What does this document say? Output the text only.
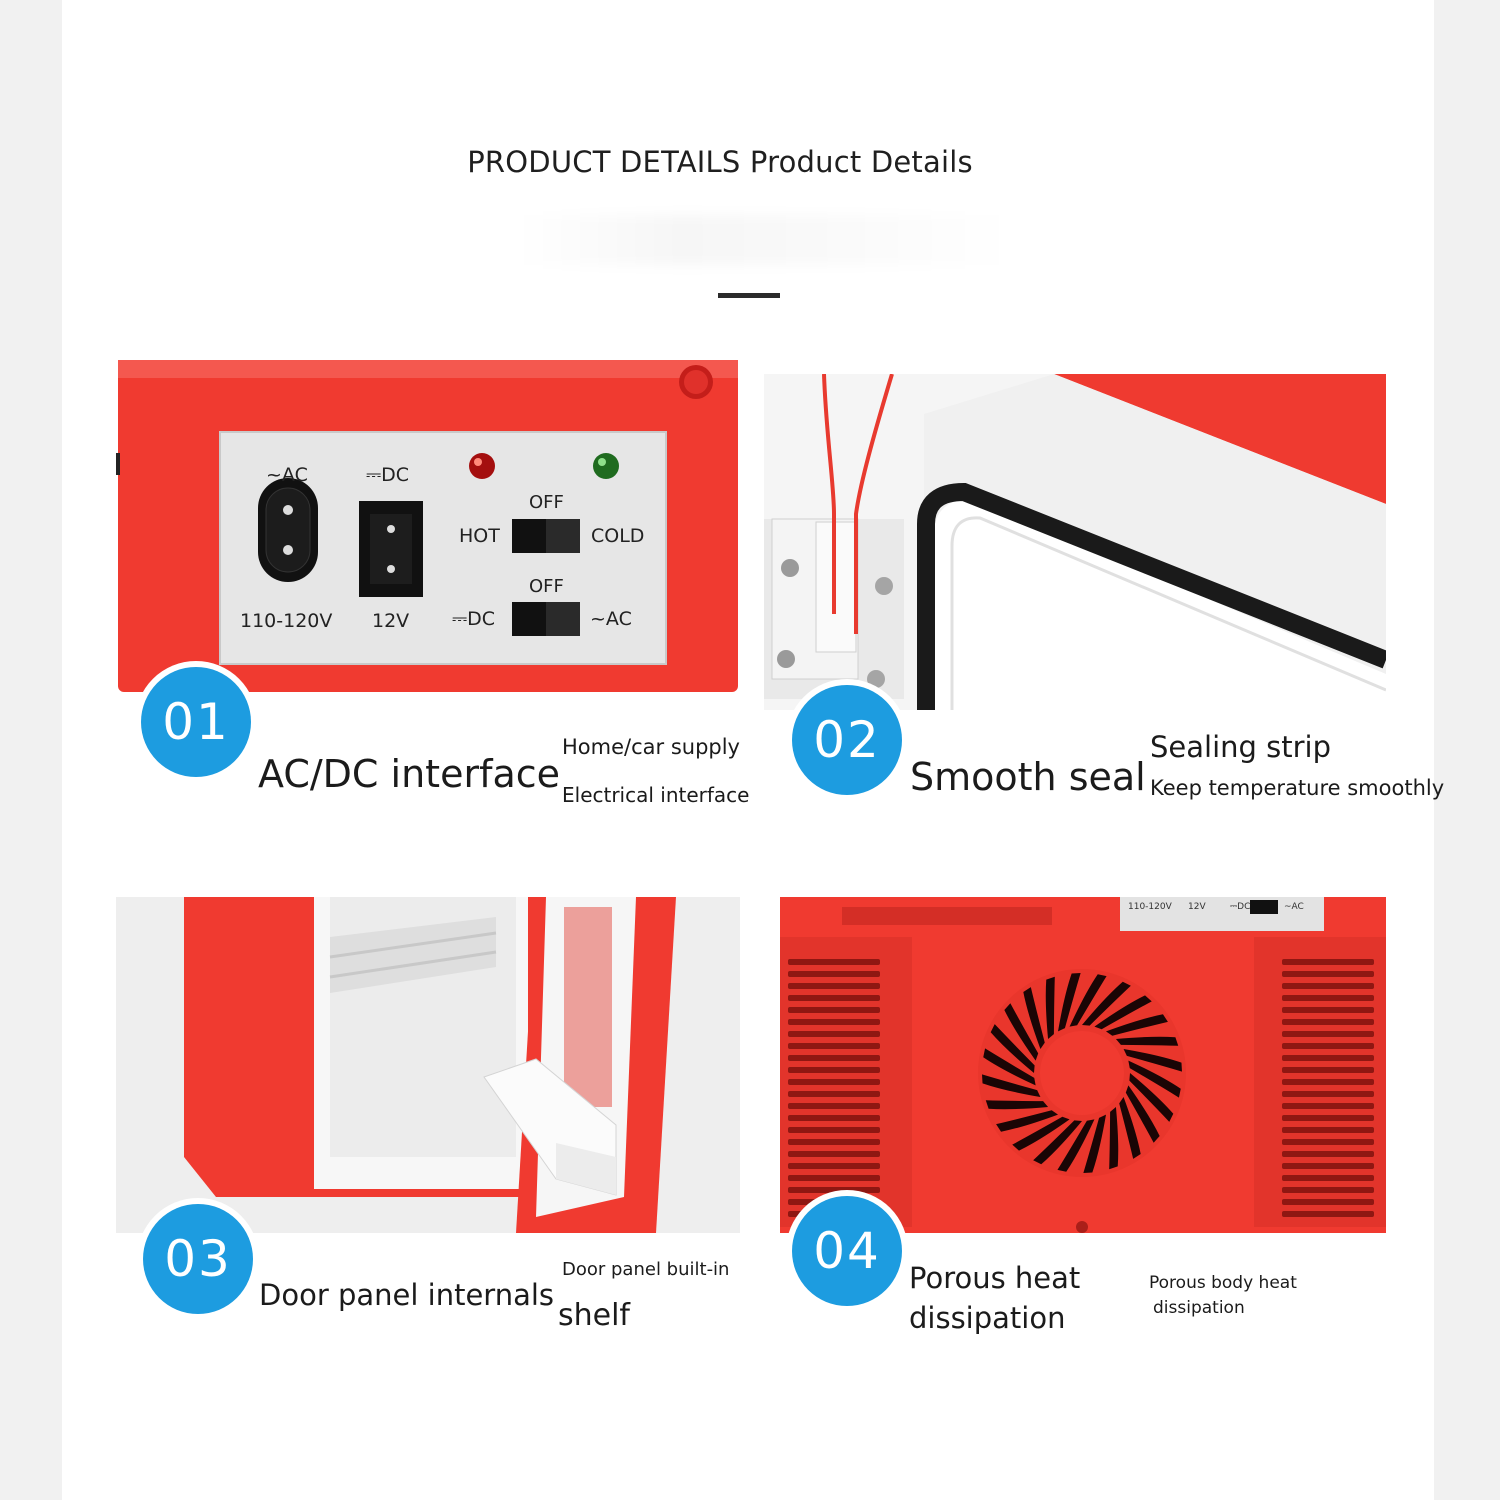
PRODUCT DETAILS Product Details
~AC	⎓DC
110-120V 12V
OFF
HOT	COLD
OFF
⎓DC	~AC
110-120V 12V	⎓DC	~AC
01
AC/DC interface
Home/car supply
Electrical interface
02
Smooth seal
Sealing strip
Keep temperature smoothly
03
Door panel internals
Door panel built-in
shelf
04 Porous heat
dissipation
Porous body heat
dissipation
